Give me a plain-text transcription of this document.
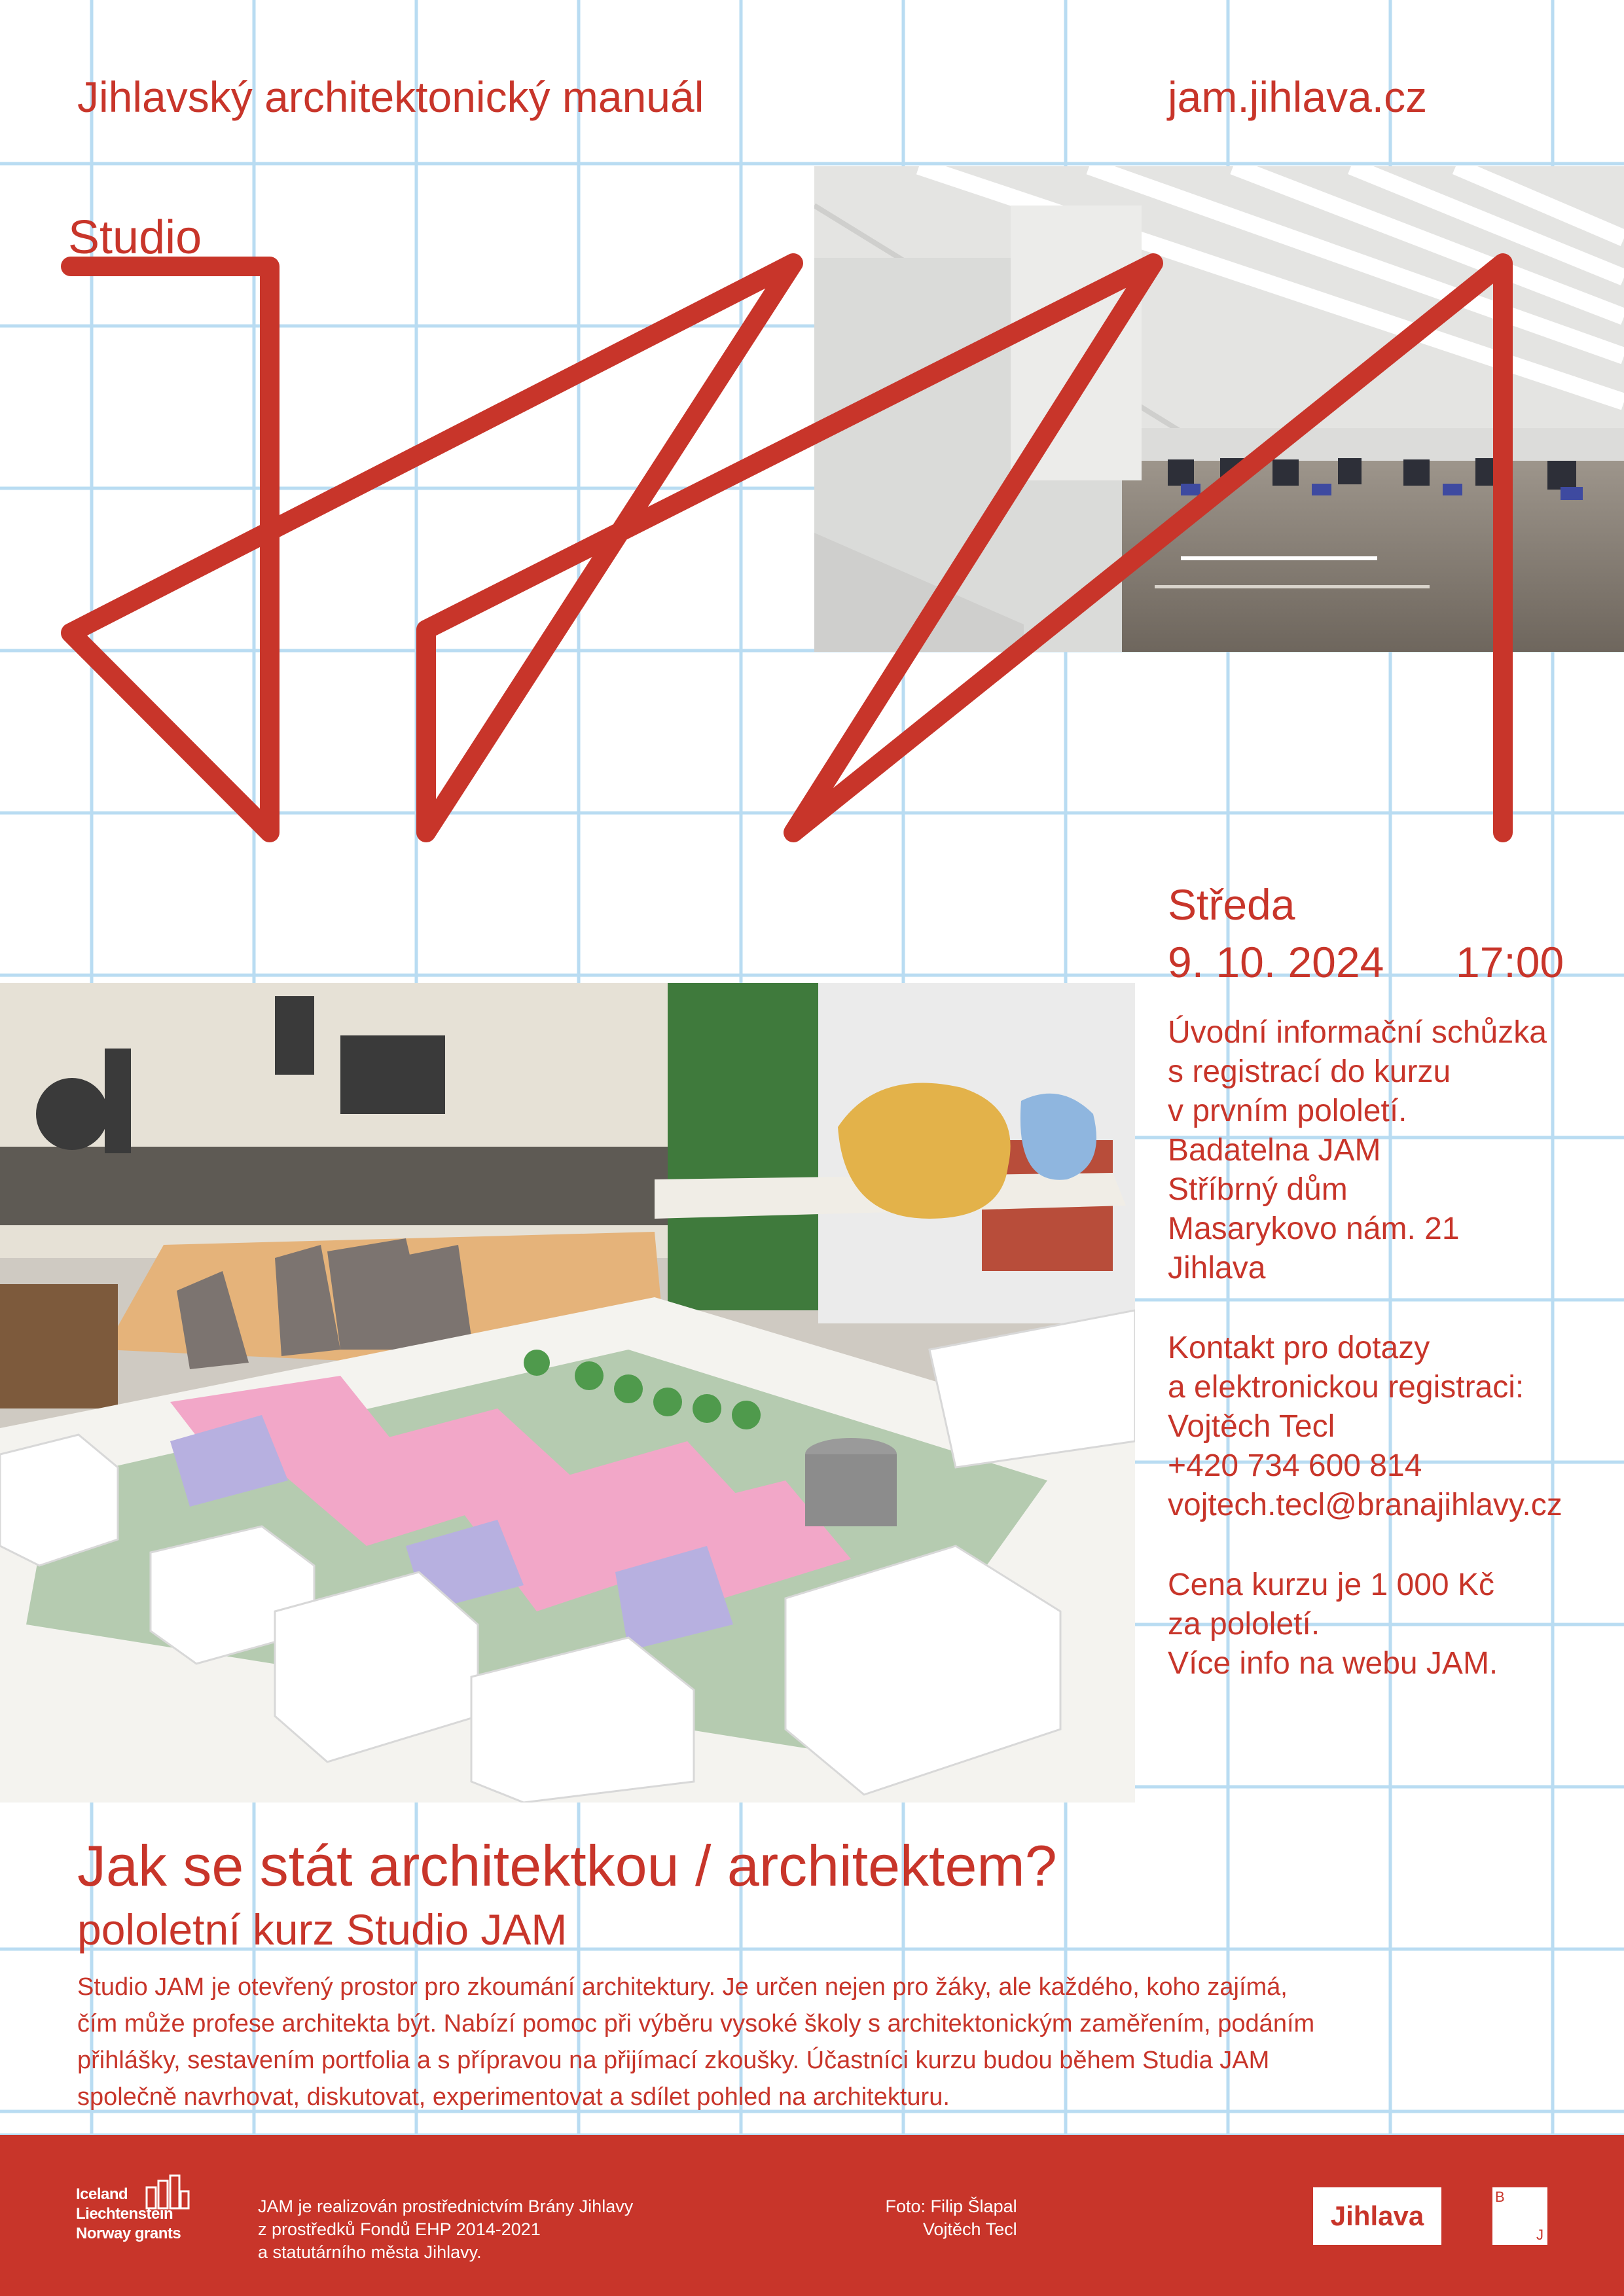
Jihlavský architektonický manuál	jam.jihlava.cz
Studio
Středa
9. 10. 2024 17:00
Úvodní informační schůzka
s registrací do kurzu
v prvním pololetí.
Badatelna JAM
Stříbrný dům
Masarykovo nám. 21
Jihlava
Kontakt pro dotazy
a elektronickou registraci:
Vojtěch Tecl
+420 734 600 814
vojtech.tecl@branajihlavy.cz
Cena kurzu je 1 000 Kč
za pololetí.
Více info na webu JAM.
Jak se stát architektkou / architektem?
pololetní kurz Studio JAM
Studio JAM je otevřený prostor pro zkoumání architektury. Je určen nejen pro žáky, ale každého, koho zajímá,
čím může profese architekta být. Nabízí pomoc při výběru vysoké školy s architektonickým zaměřením, podáním
přihlášky, sestavením portfolia a s přípravou na přijímací zkoušky. Účastníci kurzu budou během Studia JAM
společně navrhovat, diskutovat, experimentovat a sdílet pohled na architekturu.
Iceland
Liechtenstein
Norway grants
JAM je realizován prostřednictvím Brány Jihlavy
z prostředků Fondů EHP 2014-2021
a statutárního města Jihlavy.
Foto: Filip Šlapal
Vojtěch Tecl	Jihlava
B
J
